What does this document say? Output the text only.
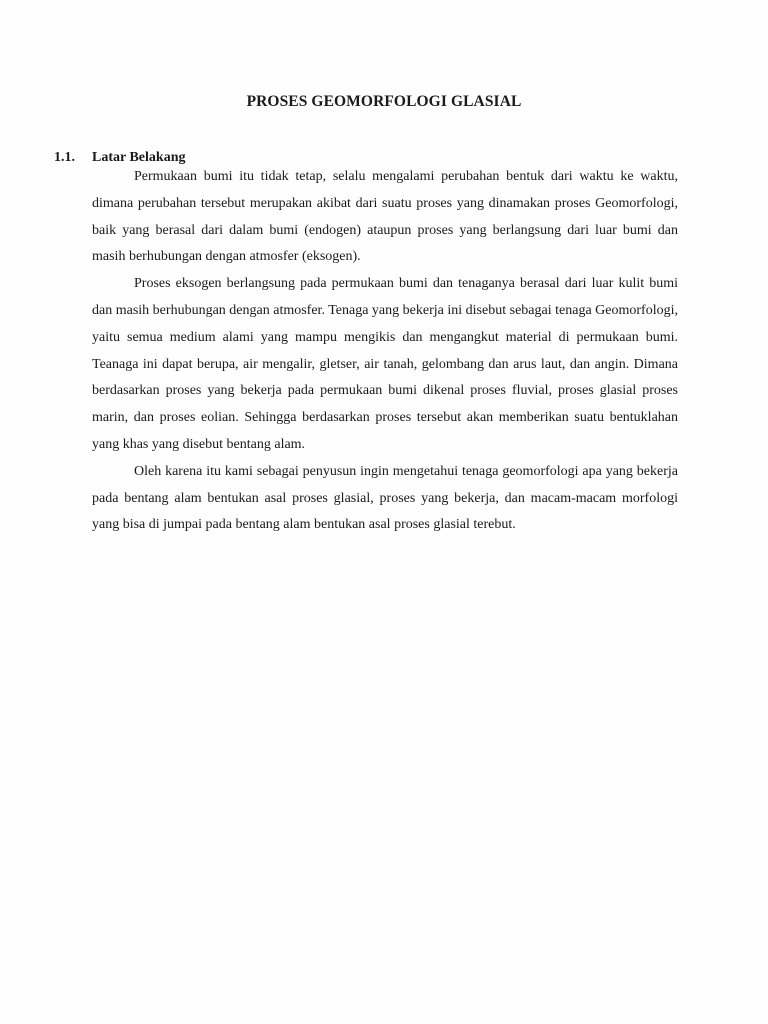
PROSES GEOMORFOLOGI GLASIAL
1.1. Latar Belakang

Permukaan bumi itu tidak tetap, selalu mengalami perubahan bentuk dari waktu ke waktu, dimana perubahan tersebut merupakan akibat dari suatu proses yang dinamakan proses Geomorfologi, baik yang berasal dari dalam bumi (endogen) ataupun proses yang berlangsung dari luar bumi dan masih berhubungan dengan atmosfer (eksogen).

Proses eksogen berlangsung pada permukaan bumi dan tenaganya berasal dari luar kulit bumi dan masih berhubungan dengan atmosfer. Tenaga yang bekerja ini disebut sebagai tenaga Geomorfologi, yaitu semua medium alami yang mampu mengikis dan mengangkut material di permukaan bumi. Teanaga ini dapat berupa, air mengalir, gletser, air tanah, gelombang dan arus laut, dan angin. Dimana berdasarkan proses yang bekerja pada permukaan bumi dikenal proses fluvial, proses glasial proses marin, dan proses eolian. Sehingga berdasarkan proses tersebut akan memberikan suatu bentuklahan yang khas yang disebut bentang alam.

Oleh karena itu kami sebagai penyusun ingin mengetahui tenaga geomorfologi apa yang bekerja pada bentang alam bentukan asal proses glasial, proses yang bekerja, dan macam-macam morfologi yang bisa di jumpai pada bentang alam bentukan asal proses glasial terebut.
